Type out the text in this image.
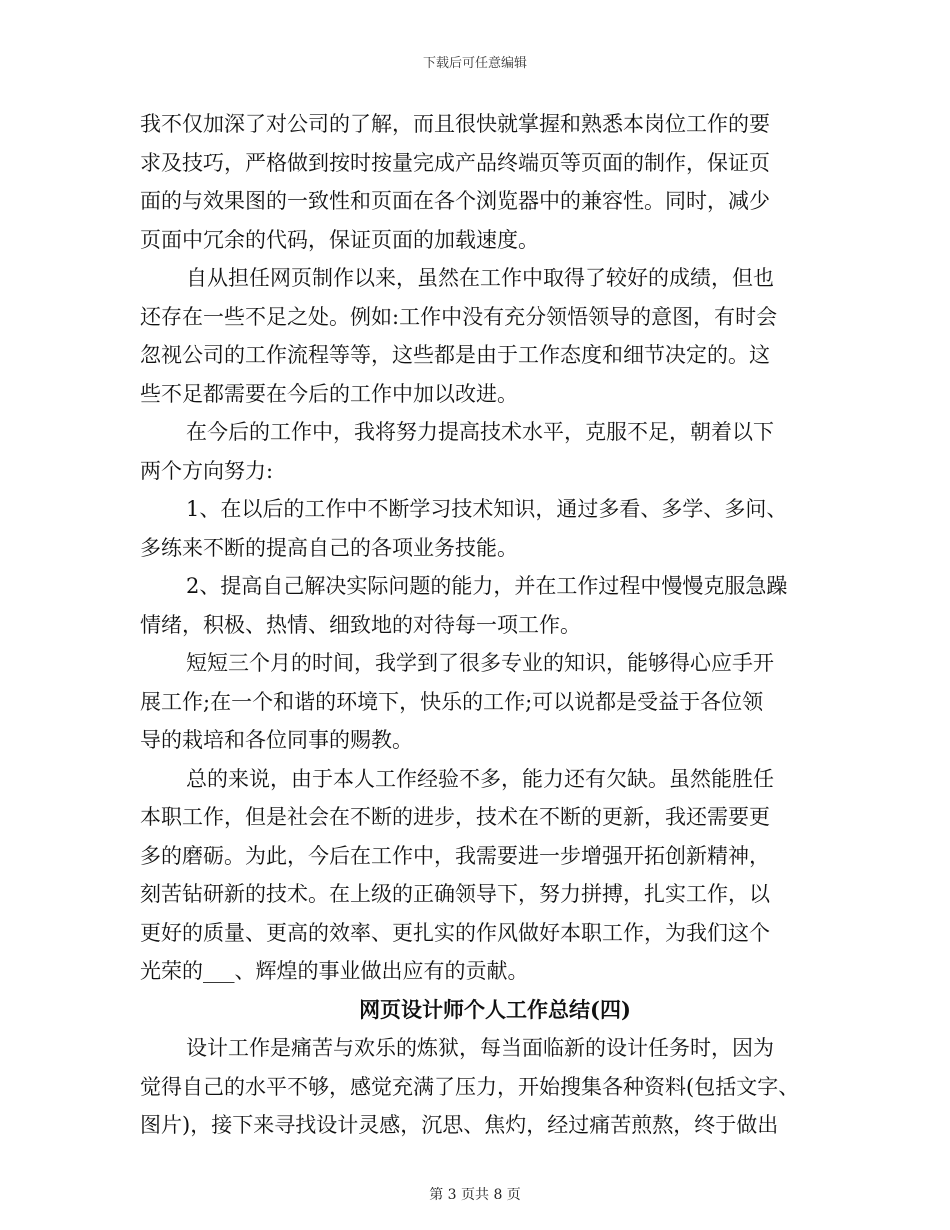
下载后可任意编辑
我不仅加深了对公司的了解，而且很快就掌握和熟悉本岗位工作的要
求及技巧，严格做到按时按量完成产品终端页等页面的制作，保证页
面的与效果图的一致性和页面在各个浏览器中的兼容性。同时，减少
页面中冗余的代码，保证页面的加载速度。
自从担任网页制作以来，虽然在工作中取得了较好的成绩，但也
还存在一些不足之处。例如:工作中没有充分领悟领导的意图，有时会
忽视公司的工作流程等等，这些都是由于工作态度和细节决定的。这
些不足都需要在今后的工作中加以改进。
在今后的工作中，我将努力提高技术水平，克服不足，朝着以下
两个方向努力:
1、在以后的工作中不断学习技术知识，通过多看、多学、多问、
多练来不断的提高自己的各项业务技能。
2、提高自己解决实际问题的能力，并在工作过程中慢慢克服急躁
情绪，积极、热情、细致地的对待每一项工作。
短短三个月的时间，我学到了很多专业的知识，能够得心应手开
展工作;在一个和谐的环境下，快乐的工作;可以说都是受益于各位领
导的栽培和各位同事的赐教。
总的来说，由于本人工作经验不多，能力还有欠缺。虽然能胜任
本职工作，但是社会在不断的进步，技术在不断的更新，我还需要更
多的磨砺。为此，今后在工作中，我需要进一步增强开拓创新精神，
刻苦钻研新的技术。在上级的正确领导下，努力拼搏，扎实工作，以
更好的质量、更高的效率、更扎实的作风做好本职工作，为我们这个
光荣的___、辉煌的事业做出应有的贡献。
网页设计师个人工作总结(四)
设计工作是痛苦与欢乐的炼狱，每当面临新的设计任务时，因为
觉得自己的水平不够，感觉充满了压力，开始搜集各种资料(包括文字、
图片)，接下来寻找设计灵感，沉思、焦灼，经过痛苦煎熬，终于做出
第 3 页共 8 页
